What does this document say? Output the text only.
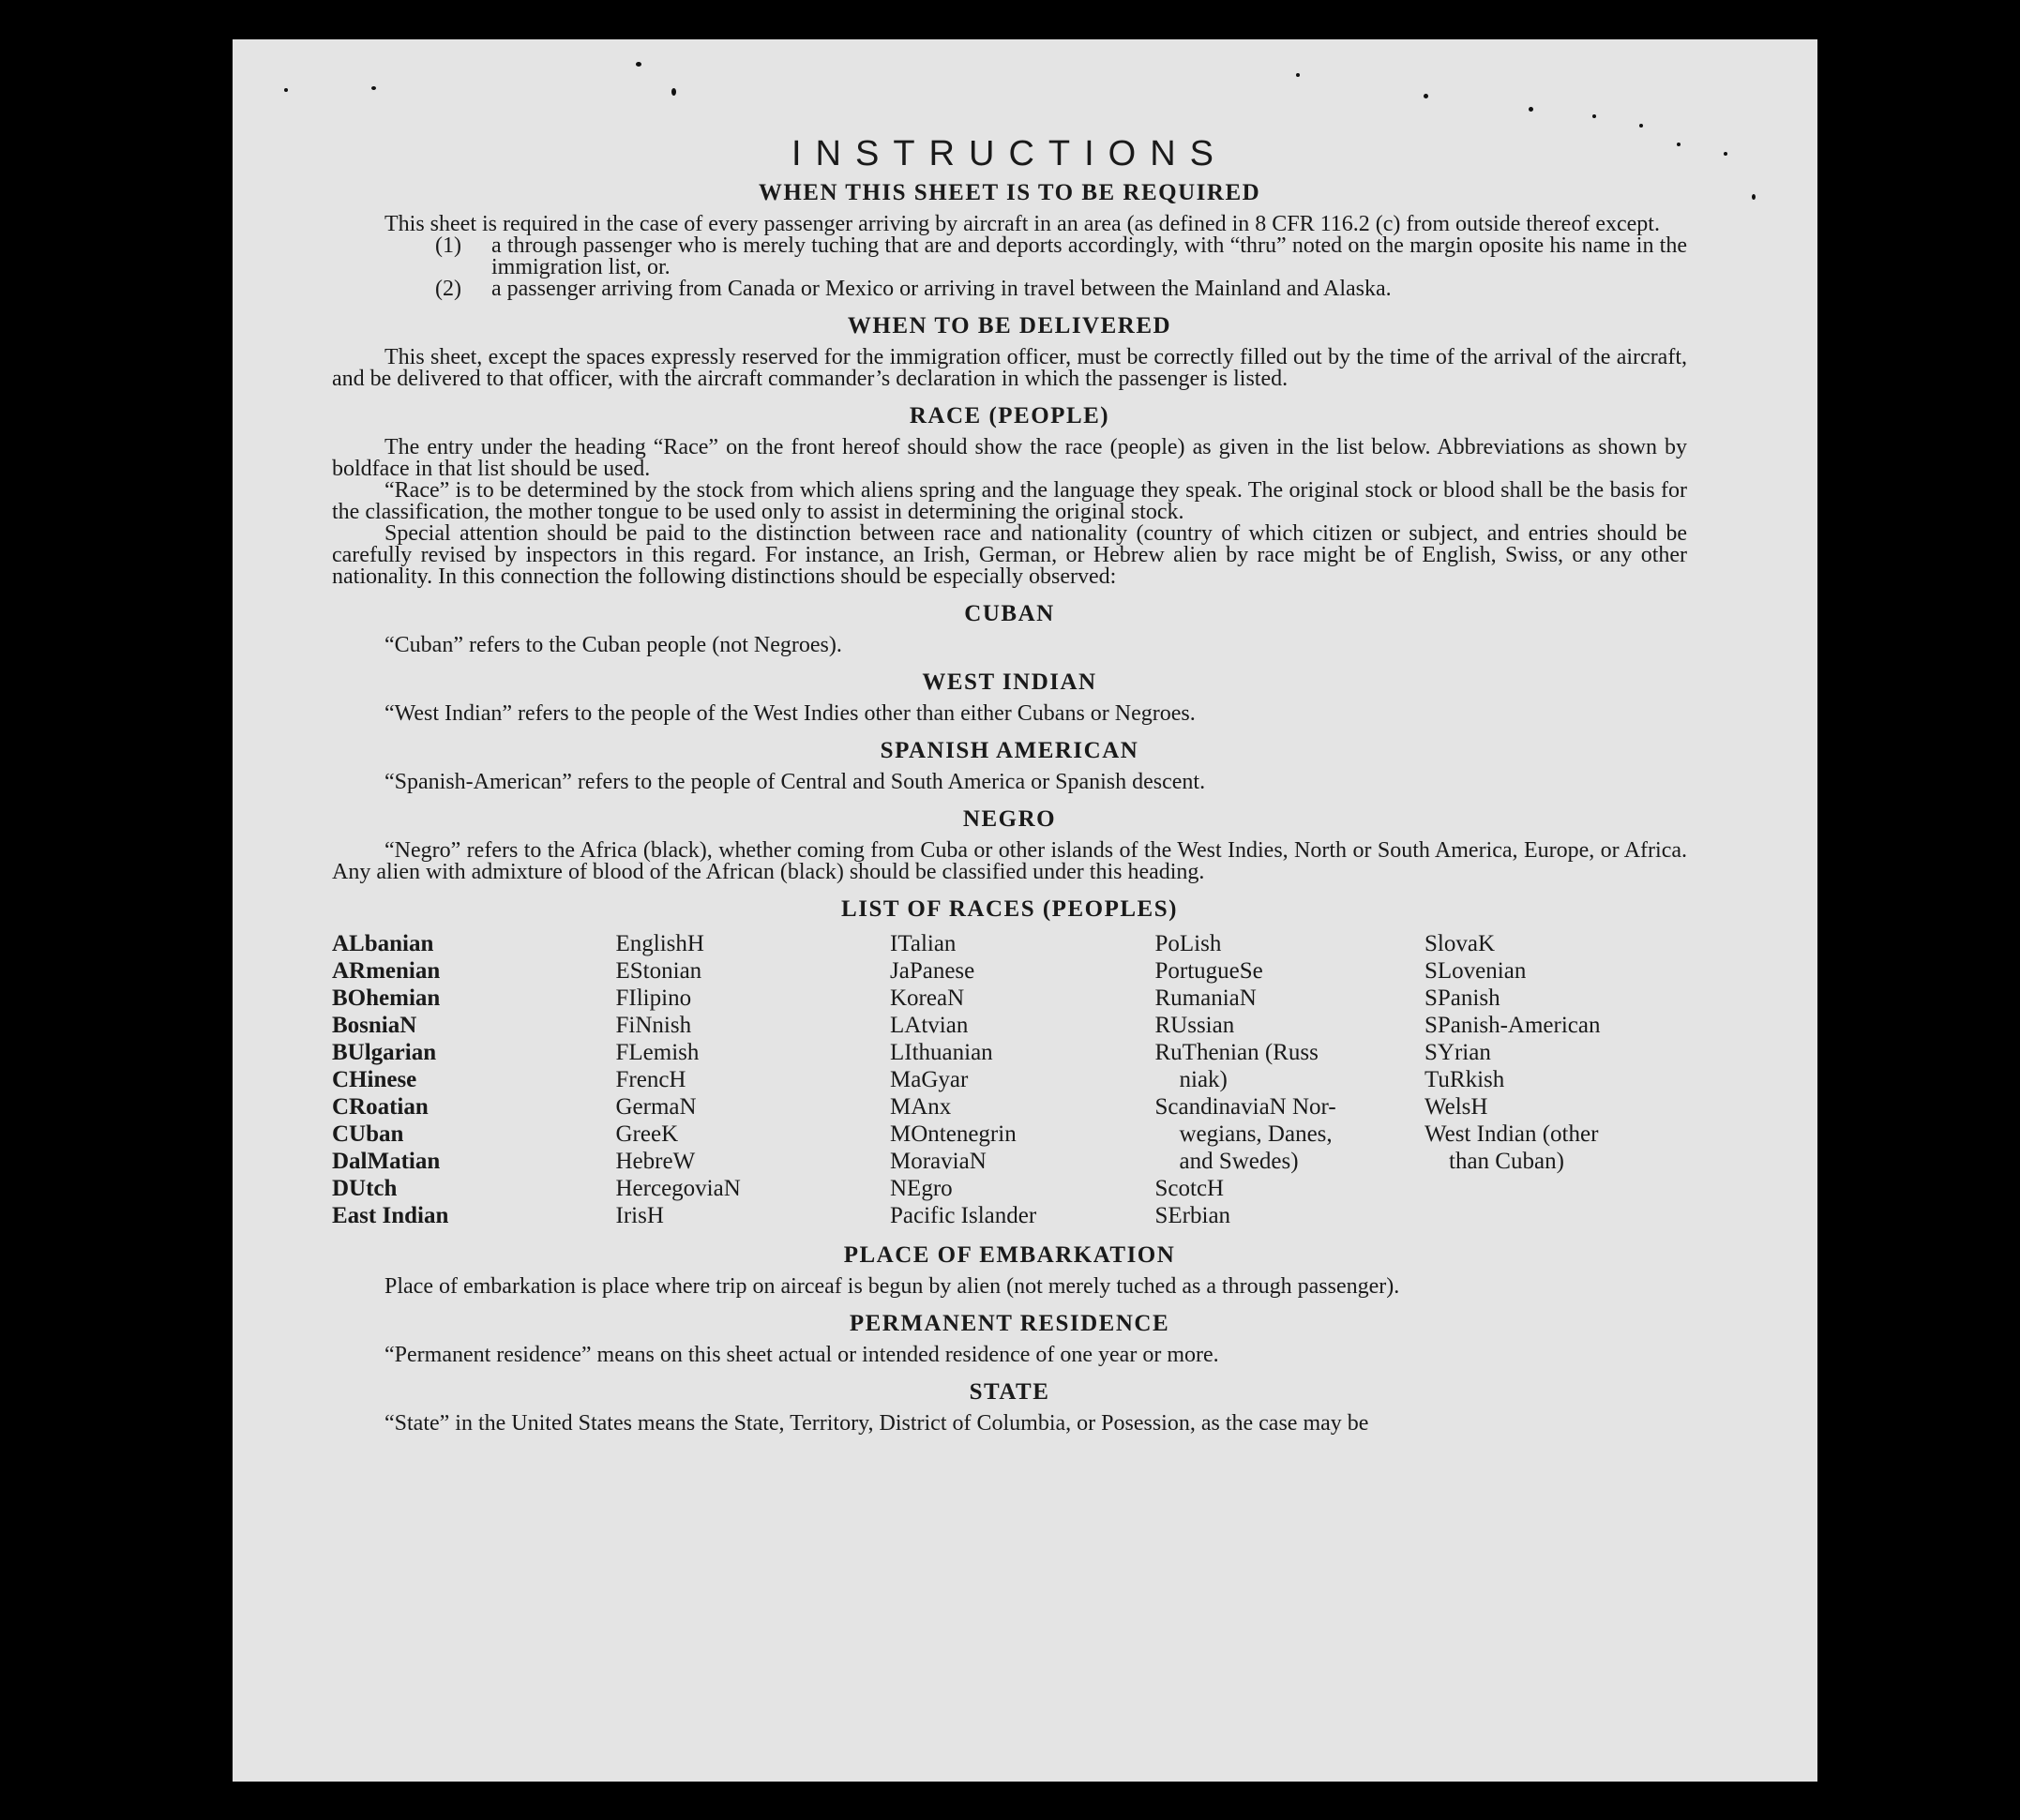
INSTRUCTIONS
WHEN THIS SHEET IS TO BE REQUIRED

This sheet is required in the case of every passenger arriving by aircraft in an area (as defined in 8 CFR 116.2 (c) from outside thereof except.

(1)	a through passenger who is merely tuching that are and deports accordingly, with “thru” noted on the margin oposite his name in the immigration list, or.
(2)	a passenger arriving from Canada or Mexico or arriving in travel between the Mainland and Alaska.
WHEN TO BE DELIVERED

This sheet, except the spaces expressly reserved for the immigration officer, must be correctly filled out by the time of the arrival of the aircraft, and be delivered to that officer, with the aircraft commander’s declaration in which the passenger is listed.

RACE (PEOPLE)

The entry under the heading “Race” on the front hereof should show the race (people) as given in the list below. Abbreviations as shown by boldface in that list should be used.

“Race” is to be determined by the stock from which aliens spring and the language they speak. The original stock or blood shall be the basis for the classification, the mother tongue to be used only to assist in determining the original stock.

Special attention should be paid to the distinction between race and nationality (country of which citizen or subject, and entries should be carefully revised by inspectors in this regard. For instance, an Irish, German, or Hebrew alien by race might be of English, Swiss, or any other nationality. In this connection the following distinctions should be especially observed:

CUBAN

“Cuban” refers to the Cuban people (not Negroes).

WEST INDIAN

“West Indian” refers to the people of the West Indies other than either Cubans or Negroes.

SPANISH AMERICAN

“Spanish-American” refers to the people of Central and South America or Spanish descent.

NEGRO

“Negro” refers to the Africa (black), whether coming from Cuba or other islands of the West Indies, North or South America, Europe, or Africa. Any alien with admixture of blood of the African (black) should be classified under this heading.

LIST OF RACES (PEOPLES)
ALbanian
ARmenian
BOhemian
BosniaN
BUlgarian
CHinese
CRoatian
CUban
DalMatian
DUtch
East Indian
EnglishH
EStonian
FIlipino
FiNnish
FLemish
FrencH
GermaN
GreeK
HebreW
HercegoviaN
IrisH
ITalian
JaPanese
KoreaN
LAtvian
LIthuanian
MaGyar
MAnx
MOntenegrin
MoraviaN
NEgro
Pacific Islander
PoLish
PortugueSe
RumaniaN
RUssian
RuThenian (Russ
niak)
ScandinaviaN Nor-
wegians, Danes,
and Swedes)
ScotcH
SErbian
SlovaK
SLovenian
SPanish
SPanish-American
SYrian
TuRkish
WelsH
West Indian (other
than Cuban)
PLACE OF EMBARKATION

Place of embarkation is place where trip on airceaf is begun by alien (not merely tuched as a through passenger).

PERMANENT RESIDENCE

“Permanent residence” means on this sheet actual or intended residence of one year or more.

STATE

“State” in the United States means the State, Territory, District of Columbia, or Posession, as the case may be
